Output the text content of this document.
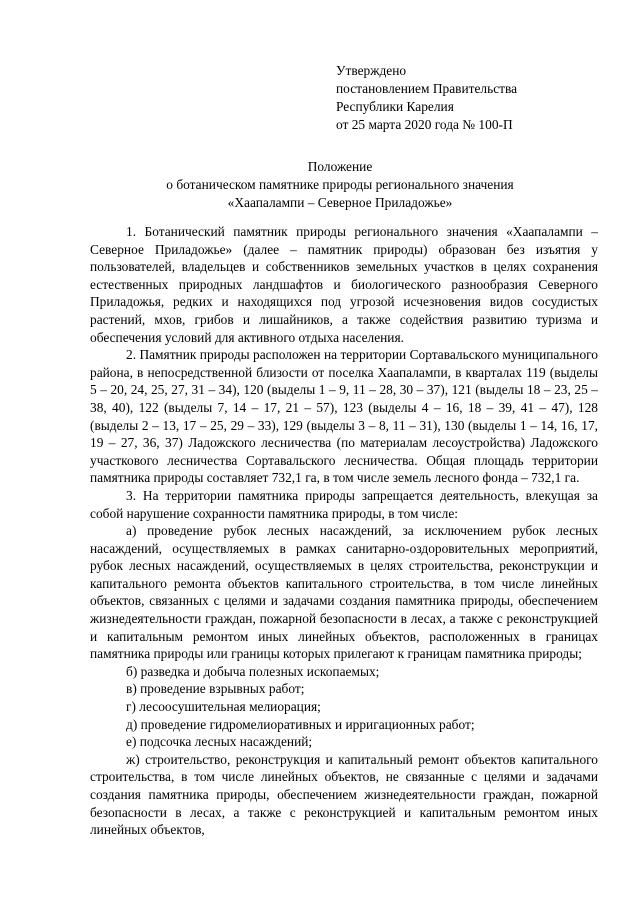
Утверждено
постановлением Правительства
Республики Карелия
от 25 марта 2020 года № 100-П
Положение
о ботаническом памятнике природы регионального значения
«Хаапалампи – Северное Приладожье»

1. Ботанический памятник природы регионального значения «Хаапалампи – Северное Приладожье» (далее – памятник природы) образован без изъятия у пользователей, владельцев и собственников земельных участков в целях сохранения естественных природных ландшафтов и биологического разнообразия Северного Приладожья, редких и находящихся под угрозой исчезновения видов сосудистых растений, мхов, грибов и лишайников, а также содействия развитию туризма и обеспечения условий для активного отдыха населения.

2. Памятник природы расположен на территории Сортавальского муниципального района, в непосредственной близости от поселка Хаапалампи, в кварталах 119 (выделы 5 – 20, 24, 25, 27, 31 – 34), 120 (выделы 1 – 9, 11 – 28, 30 – 37), 121 (выделы 18 – 23, 25 – 38, 40), 122 (выделы 7, 14 – 17, 21 – 57), 123 (выделы 4 – 16, 18 – 39, 41 – 47), 128 (выделы 2 – 13, 17 – 25, 29 – 33), 129 (выделы 3 – 8, 11 – 31), 130 (выделы 1 – 14, 16, 17, 19 – 27, 36, 37) Ладожского лесничества (по материалам лесоустройства) Ладожского участкового лесничества Сортавальского лесничества. Общая площадь территории памятника природы составляет 732,1 га, в том числе земель лесного фонда – 732,1 га.

3. На территории памятника природы запрещается деятельность, влекущая за собой нарушение сохранности памятника природы, в том числе:

а) проведение рубок лесных насаждений, за исключением рубок лесных насаждений, осуществляемых в рамках санитарно-оздоровительных мероприятий, рубок лесных насаждений, осуществляемых в целях строительства, реконструкции и капитального ремонта объектов капитального строительства, в том числе линейных объектов, связанных с целями и задачами создания памятника природы, обеспечением жизнедеятельности граждан, пожарной безопасности в лесах, а также с реконструкцией и капитальным ремонтом иных линейных объектов, расположенных в границах памятника природы или границы которых прилегают к границам памятника природы;

б) разведка и добыча полезных ископаемых;

в) проведение взрывных работ;

г) лесоосушительная мелиорация;

д) проведение гидромелиоративных и ирригационных работ;

е) подсочка лесных насаждений;

ж) строительство, реконструкция и капитальный ремонт объектов капитального строительства, в том числе линейных объектов, не связанные с целями и задачами создания памятника природы, обеспечением жизнедеятельности граждан, пожарной безопасности в лесах, а также с реконструкцией и капитальным ремонтом иных линейных объектов,
